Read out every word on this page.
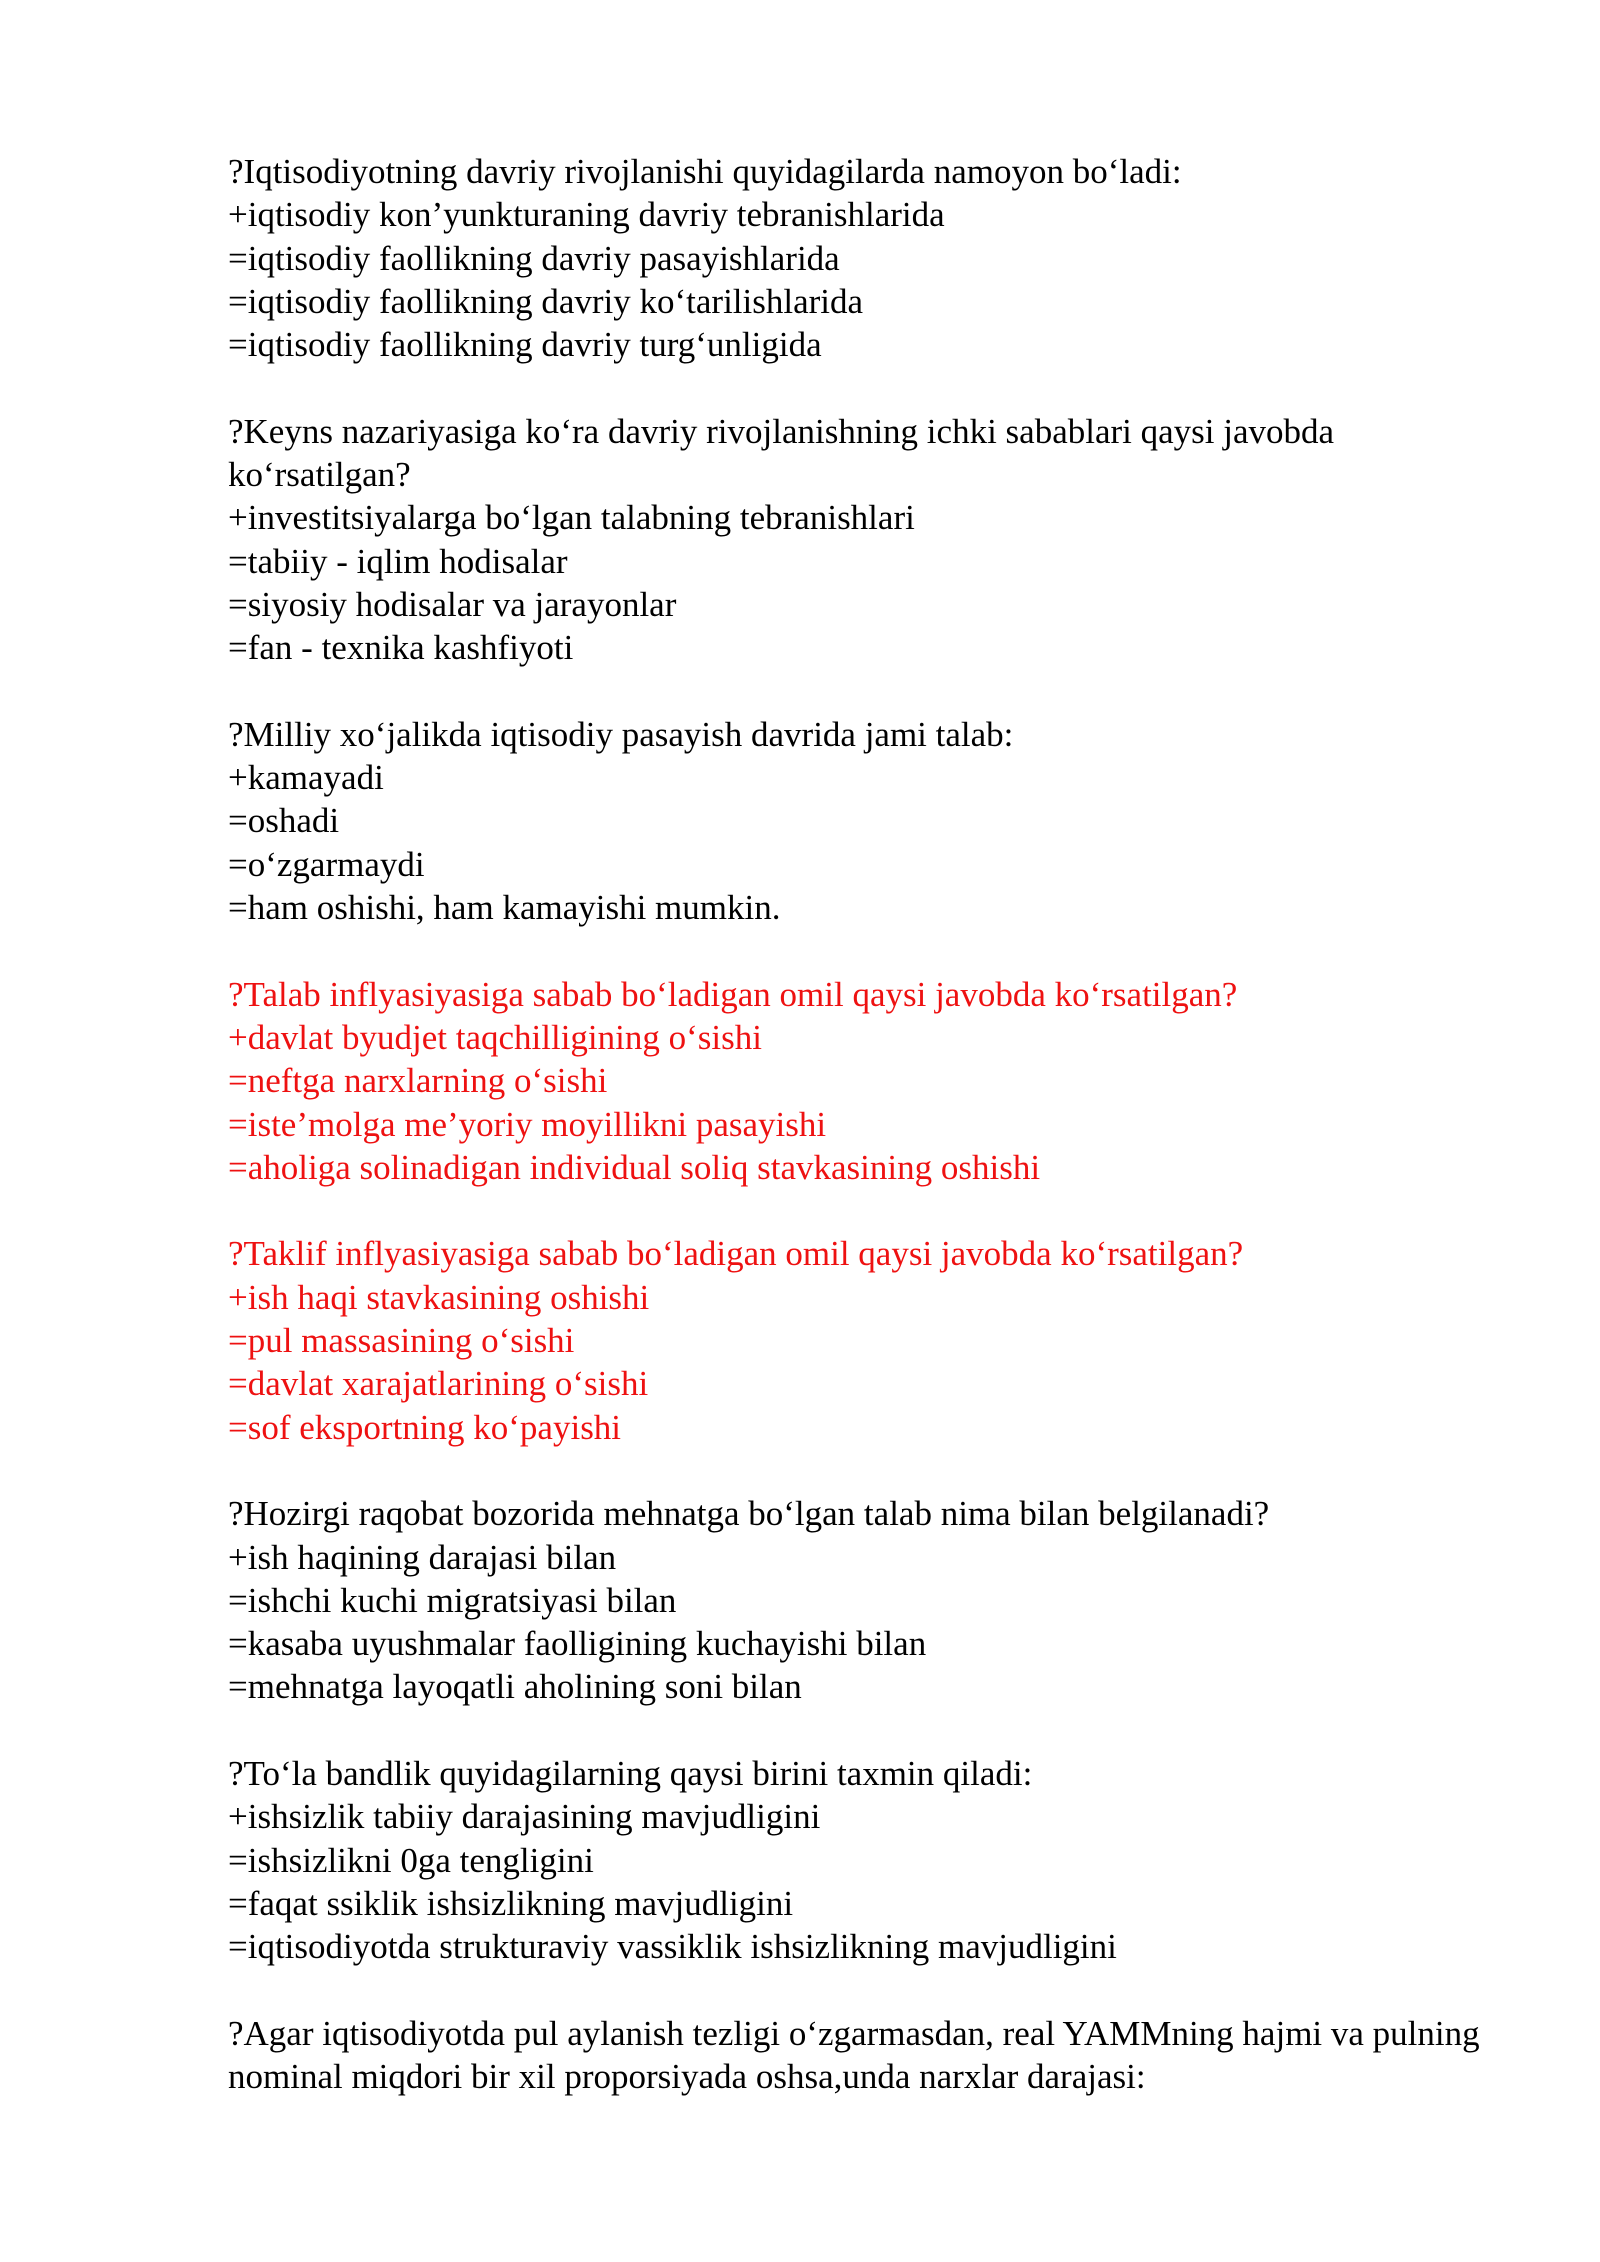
?Iqtisodiyotning davriy rivojlanishi quyidagilarda namoyon bo‘ladi:
+iqtisodiy kon’yunkturaning davriy tebranishlarida
=iqtisodiy faollikning davriy pasayishlarida
=iqtisodiy faollikning davriy ko‘tarilishlarida
=iqtisodiy faollikning davriy turg‘unligida
?Keyns nazariyasiga ko‘ra davriy rivojlanishning ichki sabablari qaysi javobda ko‘rsatilgan?
+investitsiyalarga bo‘lgan talabning tebranishlari
=tabiiy - iqlim hodisalar
=siyosiy hodisalar va jarayonlar
=fan - texnika kashfiyoti
?Milliy xo‘jalikda iqtisodiy pasayish davrida jami talab:
+kamayadi
=oshadi
=o‘zgarmaydi
=ham oshishi, ham kamayishi mumkin.
?Talab inflyasiyasiga sabab bo‘ladigan omil qaysi javobda ko‘rsatilgan?
+davlat byudjet taqchilligining o‘sishi
=neftga narxlarning o‘sishi
=iste’molga me’yoriy moyillikni pasayishi
=aholiga solinadigan individual soliq stavkasining oshishi
?Taklif inflyasiyasiga sabab bo‘ladigan omil qaysi javobda ko‘rsatilgan?
+ish haqi stavkasining oshishi
=pul massasining o‘sishi
=davlat xarajatlarining o‘sishi
=sof eksportning ko‘payishi
?Hozirgi raqobat bozorida mehnatga bo‘lgan talab nima bilan belgilanadi?
+ish haqining darajasi bilan
=ishchi kuchi migratsiyasi bilan
=kasaba uyushmalar faolligining kuchayishi bilan
=mehnatga layoqatli aholining soni bilan
?To‘la bandlik quyidagilarning qaysi birini taxmin qiladi:
+ishsizlik tabiiy darajasining mavjudligini
=ishsizlikni 0ga tengligini
=faqat ssiklik ishsizlikning mavjudligini
=iqtisodiyotda strukturaviy vassiklik ishsizlikning mavjudligini
?Agar iqtisodiyotda pul aylanish tezligi o‘zgarmasdan, real YAMMning hajmi va pulning nominal miqdori bir xil proporsiyada oshsa,unda narxlar darajasi:
